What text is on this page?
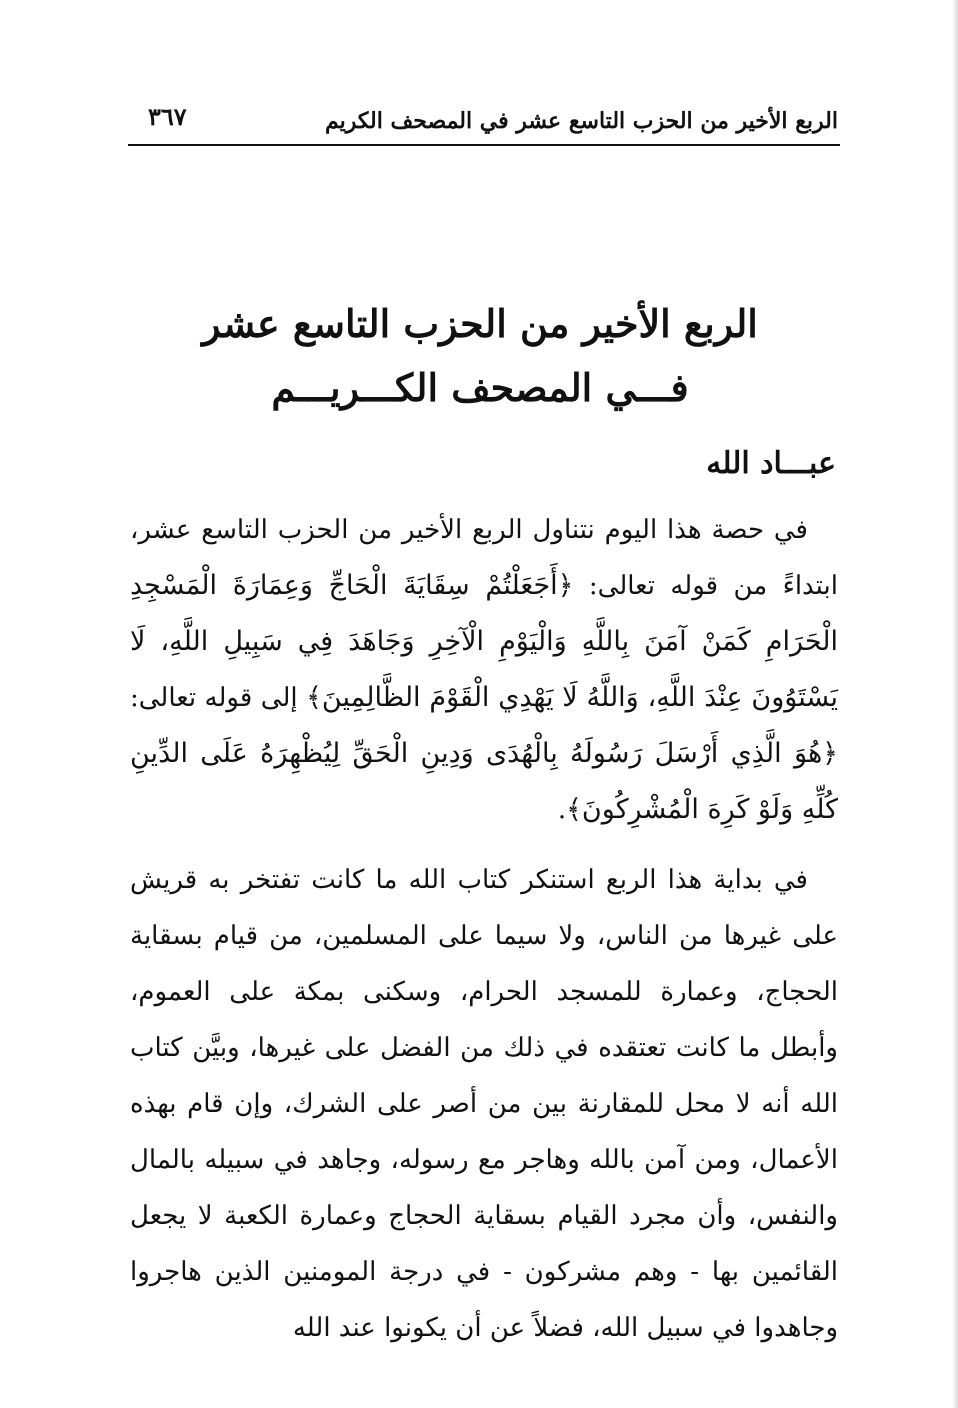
الربع الأخير من الحزب التاسع عشر في المصحف الكريم
٣٦٧
الربع الأخير من الحزب التاسع عشر
فـــي المصحف الكـــريـــم
عبـــاد الله

في حصة هذا اليوم نتناول الربع الأخير من الحزب التاسع عشر، ابتداءً من قوله تعالى: ﴿أَجَعَلْتُمْ سِقَايَةَ الْحَاجِّ وَعِمَارَةَ الْمَسْجِدِ الْحَرَامِ كَمَنْ آمَنَ بِاللَّهِ وَالْيَوْمِ الْآخِرِ وَجَاهَدَ فِي سَبِيلِ اللَّهِ، لَا يَسْتَوُونَ عِنْدَ اللَّهِ، وَاللَّهُ لَا يَهْدِي الْقَوْمَ الظَّالِمِينَ﴾ إلى قوله تعالى: ﴿هُوَ الَّذِي أَرْسَلَ رَسُولَهُ بِالْهُدَى وَدِينِ الْحَقِّ لِيُظْهِرَهُ عَلَى الدِّينِ كُلِّهِ وَلَوْ كَرِهَ الْمُشْرِكُونَ﴾.

في بداية هذا الربع استنكر كتاب الله ما كانت تفتخر به قريش على غيرها من الناس، ولا سيما على المسلمين، من قيام بسقاية الحجاج، وعمارة للمسجد الحرام، وسكنى بمكة على العموم، وأبطل ما كانت تعتقده في ذلك من الفضل على غيرها، وبيَّن كتاب الله أنه لا محل للمقارنة بين من أصر على الشرك، وإن قام بهذه الأعمال، ومن آمن بالله وهاجر مع رسوله، وجاهد في سبيله بالمال والنفس، وأن مجرد القيام بسقاية الحجاج وعمارة الكعبة لا يجعل القائمين بها - وهم مشركون - في درجة المومنين الذين هاجروا وجاهدوا في سبيل الله، فضلاً عن أن يكونوا عند الله
